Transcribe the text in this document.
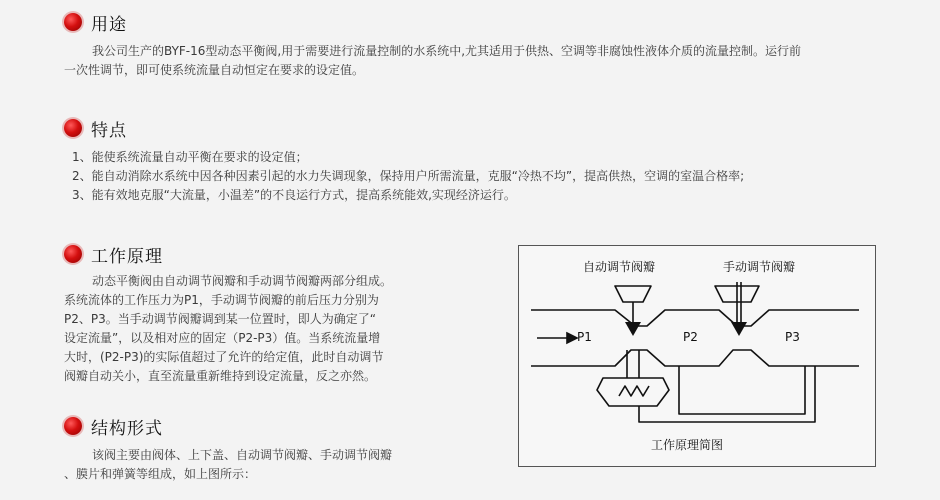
用途

我公司生产的BYF-16型动态平衡阀,用于需要进行流量控制的水系统中,尤其适用于供热、空调等非腐蚀性液体介质的流量控制。运行前
一次性调节，即可使系统流量自动恒定在要求的设定值。

特点

1、能使系统流量自动平衡在要求的设定值；
2、能自动消除水系统中因各种因素引起的水力失调现象，保持用户所需流量，克服“冷热不均”，提高供热，空调的室温合格率;
3、能有效地克服“大流量，小温差”的不良运行方式，提高系统能效,实现经济运行。

工作原理

动态平衡阀由自动调节阀瓣和手动调节阀瓣两部分组成。
系统流体的工作压力为P1，手动调节阀瓣的前后压力分别为
P2、P3。当手动调节阀瓣调到某一位置时，即人为确定了“
设定流量”，以及相对应的固定（P2-P3）值。当系统流量增
大时，(P2-P3)的实际值超过了允许的给定值，此时自动调节
阀瓣自动关小，直至流量重新维持到设定流量，反之亦然。

结构形式

该阀主要由阀体、上下盖、自动调节阀瓣、手动调节阀瓣
、膜片和弹簧等组成，如上图所示：

自动调节阀瓣	手动调节阀瓣
P1	P2	P3
工作原理简图
